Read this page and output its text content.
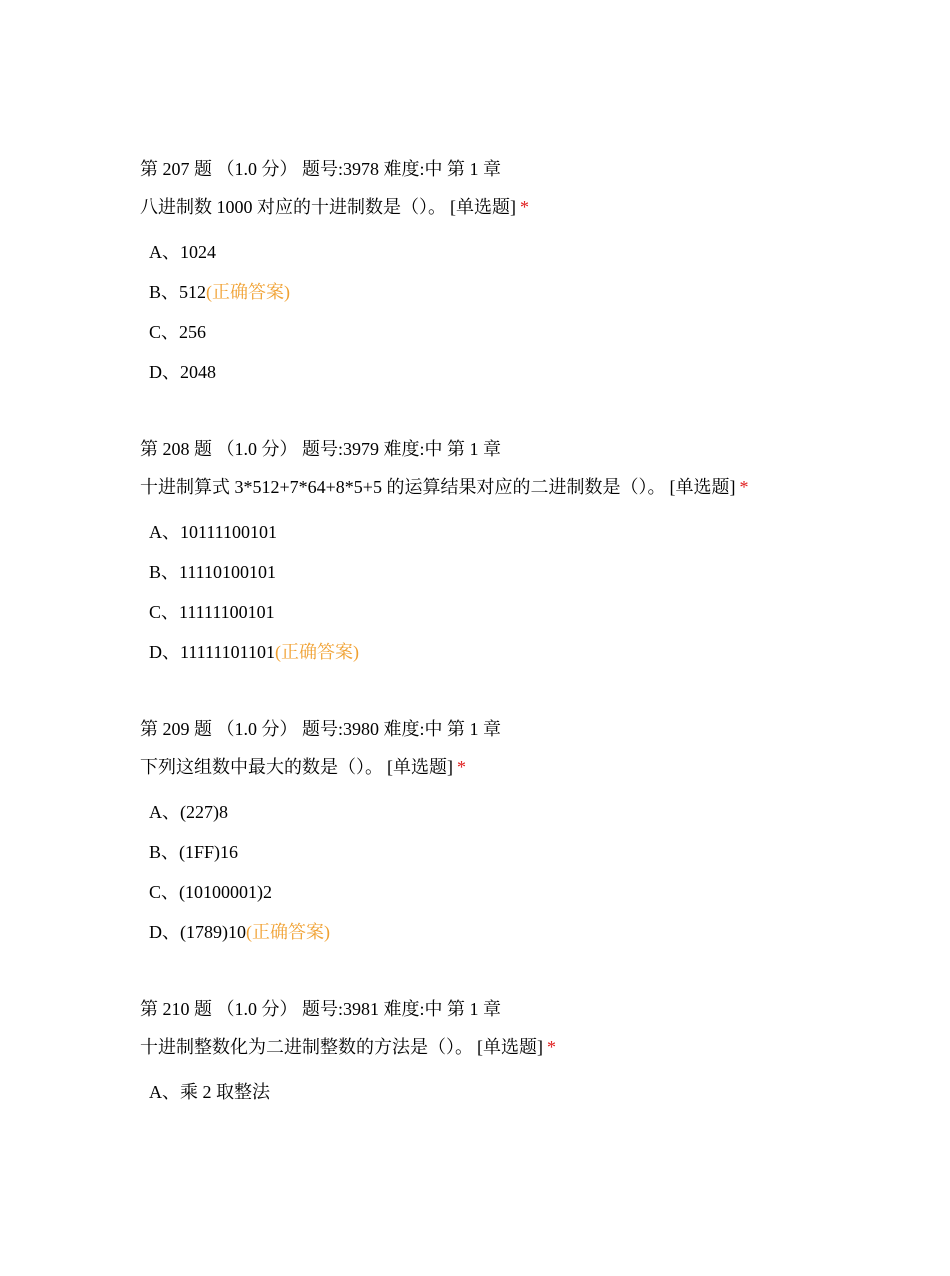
第 207 题 （1.0 分） 题号:3978 难度:中 第 1 章
八进制数 1000 对应的十进制数是（）。 [单选题] *
A、1024
B、512(正确答案)
C、256
D、2048
第 208 题 （1.0 分） 题号:3979 难度:中 第 1 章
十进制算式 3*512+7*64+8*5+5 的运算结果对应的二进制数是（）。 [单选题] *
A、10111100101
B、11110100101
C、11111100101
D、11111101101(正确答案)
第 209 题 （1.0 分） 题号:3980 难度:中 第 1 章
下列这组数中最大的数是（）。 [单选题] *
A、(227)8
B、(1FF)16
C、(10100001)2
D、(1789)10(正确答案)
第 210 题 （1.0 分） 题号:3981 难度:中 第 1 章
十进制整数化为二进制整数的方法是（）。 [单选题] *
A、乘 2 取整法
